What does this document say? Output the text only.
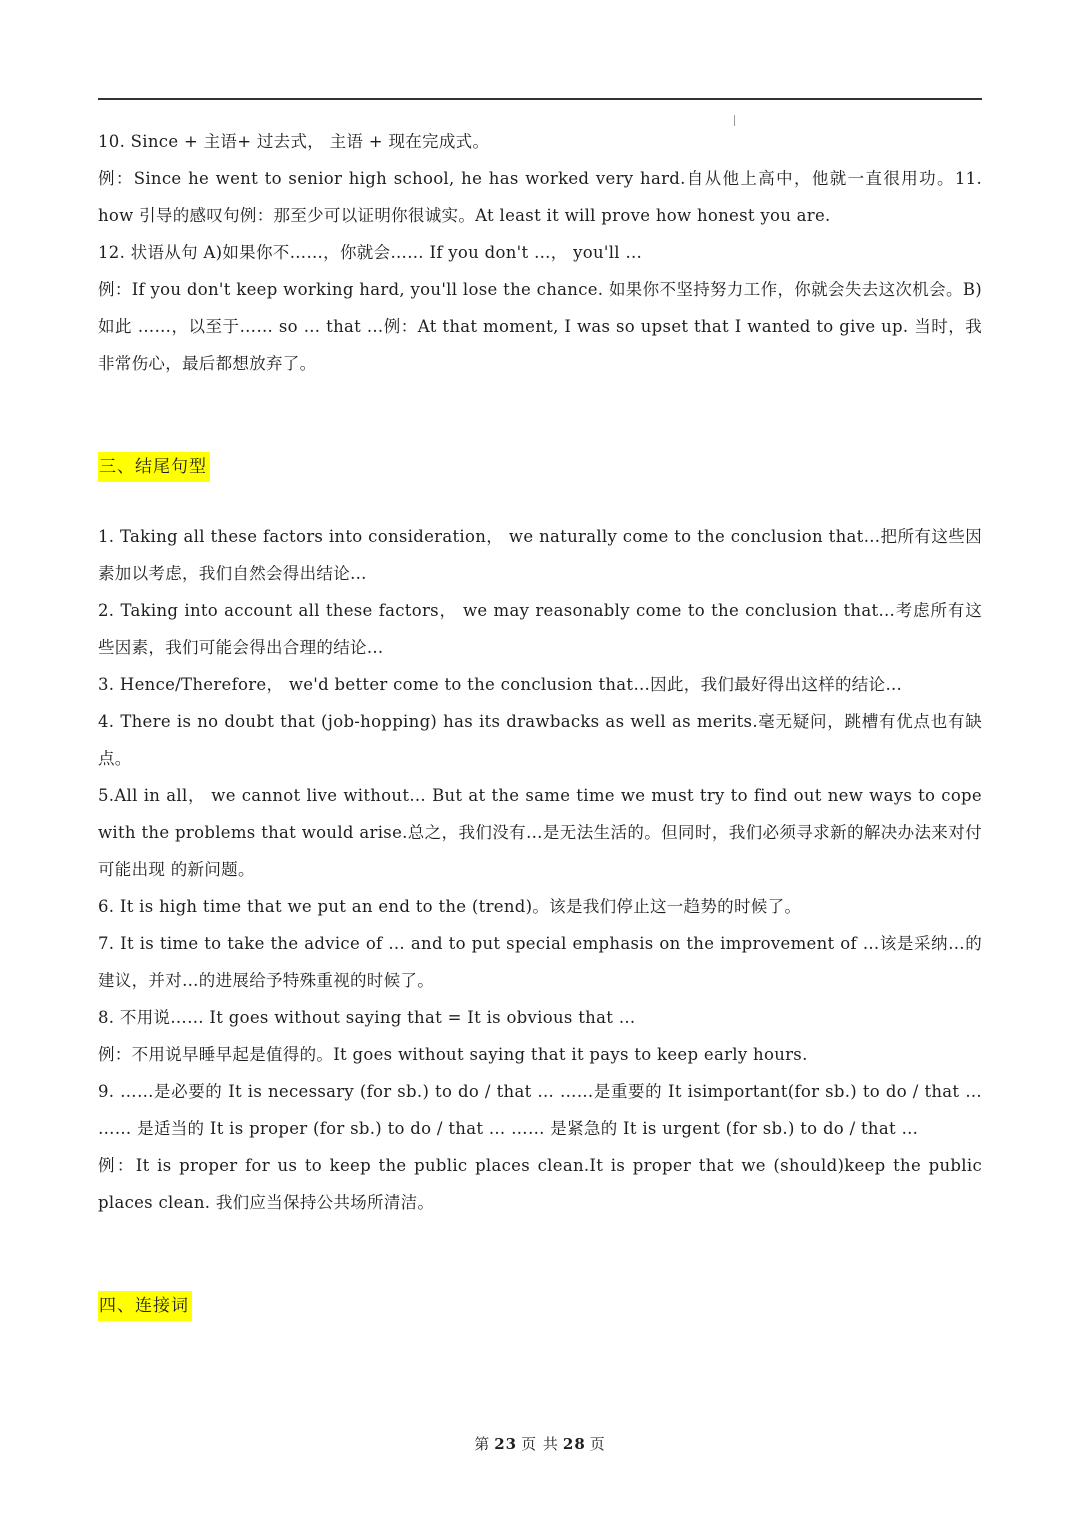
10. Since + 主语+ 过去式， 主语 + 现在完成式。

例：Since he went to senior high school, he has worked very hard.自从他上高中，他就一直很用功。11. how 引导的感叹句例：那至少可以证明你很诚实。At least it will prove how honest you are.

12. 状语从句 A)如果你不……，你就会…… If you don't …， you'll …

例：If you don't keep working hard, you'll lose the chance. 如果你不坚持努力工作，你就会失去这次机会。B) 如此 ……，以至于…… so … that …例：At that moment, I was so upset that I wanted to give up. 当时，我非常伤心，最后都想放弃了。

三、结尾句型

1. Taking all these factors into consideration， we naturally come to the conclusion that…把所有这些因素加以考虑，我们自然会得出结论…

2. Taking into account all these factors， we may reasonably come to the conclusion that…考虑所有这些因素，我们可能会得出合理的结论…

3. Hence/Therefore， we'd better come to the conclusion that…因此，我们最好得出这样的结论…

4. There is no doubt that (job-hopping) has its drawbacks as well as merits.毫无疑问，跳槽有优点也有缺点。

5.All in all， we cannot live without… But at the same time we must try to find out new ways to cope with the problems that would arise.总之，我们没有…是无法生活的。但同时，我们必须寻求新的解决办法来对付可能出现 的新问题。

6. It is high time that we put an end to the (trend)。该是我们停止这一趋势的时候了。

7. It is time to take the advice of … and to put special emphasis on the improvement of …该是采纳…的建议，并对…的进展给予特殊重视的时候了。

8. 不用说…… It goes without saying that = It is obvious that …

例：不用说早睡早起是值得的。It goes without saying that it pays to keep early hours.

9. ……是必要的 It is necessary (for sb.) to do / that … ……是重要的 It isimportant(for sb.) to do / that … …… 是适当的 It is proper (for sb.) to do / that … …… 是紧急的 It is urgent (for sb.) to do / that …

例：It is proper for us to keep the public places clean.It is proper that we (should)keep the public places clean. 我们应当保持公共场所清洁。

四、连接词
第 23 页 共 28 页
